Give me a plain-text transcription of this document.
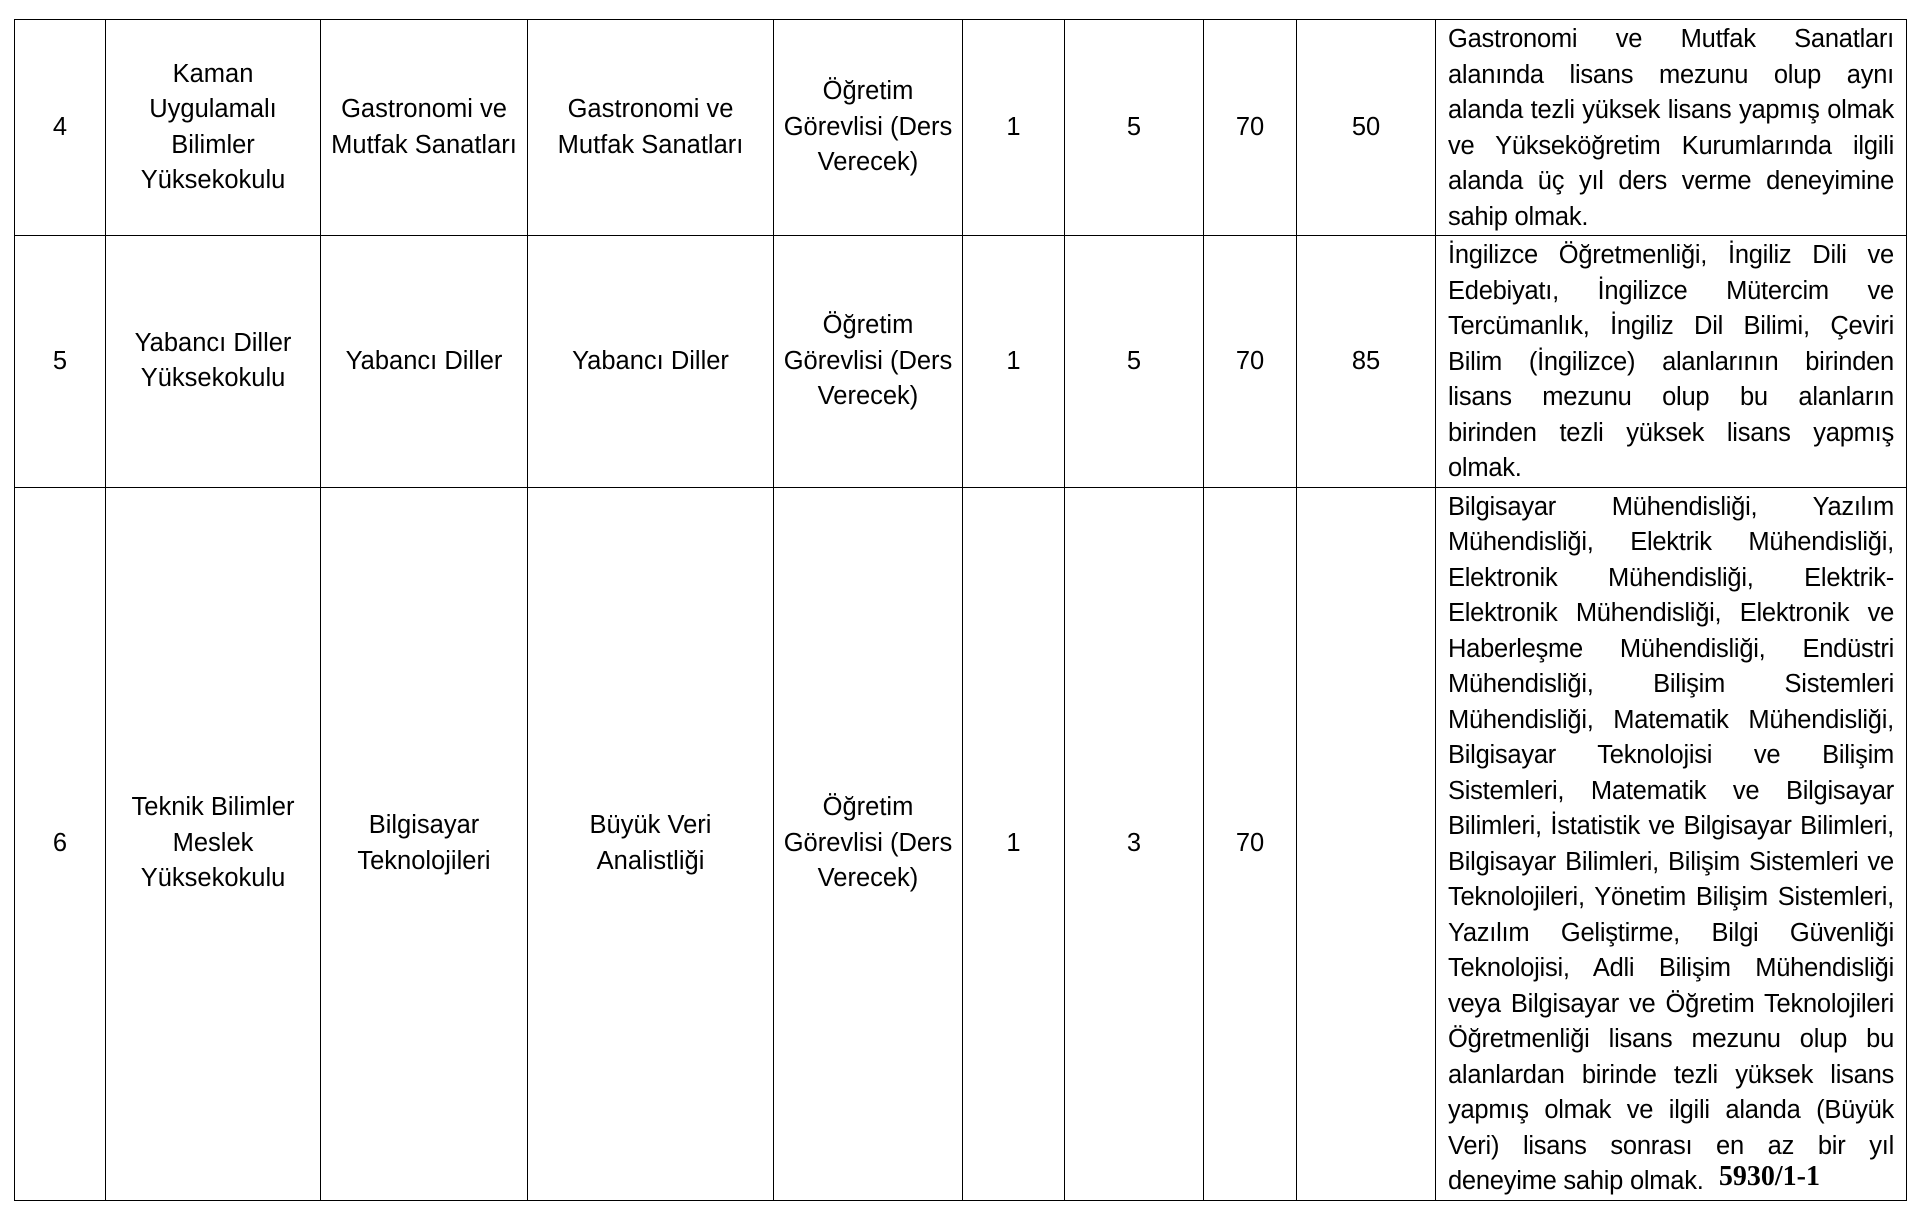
4	Kaman Uygulamalı Bilimler Yüksekokulu	Gastronomi ve Mutfak Sanatları	Gastronomi ve Mutfak Sanatları	Öğretim Görevlisi (Ders Verecek)	1	5	70	50	Gastronomi ve Mutfak Sanatları alanında lisans mezunu olup aynı alanda tezli yüksek lisans yapmış olmak ve Yükseköğretim Kurumlarında ilgili alanda üç yıl ders verme deneyimine sahip olmak.
5	Yabancı Diller Yüksekokulu	Yabancı Diller	Yabancı Diller	Öğretim Görevlisi (Ders Verecek)	1	5	70	85	İngilizce Öğretmenliği, İngiliz Dili ve Edebiyatı, İngilizce Mütercim ve Tercümanlık, İngiliz Dil Bilimi, Çeviri Bilim (İngilizce) alanlarının birinden lisans mezunu olup bu alanların birinden tezli yüksek lisans yapmış olmak.
6	Teknik Bilimler Meslek Yüksekokulu	Bilgisayar Teknolojileri	Büyük Veri Analistliği	Öğretim Görevlisi (Ders Verecek)	1	3	70		Bilgisayar Mühendisliği, Yazılım Mühendisliği, Elektrik Mühendisliği, Elektronik Mühendisliği, Elektrik-Elektronik Mühendisliği, Elektronik ve Haberleşme Mühendisliği, Endüstri Mühendisliği, Bilişim Sistemleri Mühendisliği, Matematik Mühendisliği, Bilgisayar Teknolojisi ve Bilişim Sistemleri, Matematik ve Bilgisayar Bilimleri, İstatistik ve Bilgisayar Bilimleri, Bilgisayar Bilimleri, Bilişim Sistemleri ve Teknolojileri, Yönetim Bilişim Sistemleri, Yazılım Geliştirme, Bilgi Güvenliği Teknolojisi, Adli Bilişim Mühendisliği veya Bilgisayar ve Öğretim Teknolojileri Öğretmenliği lisans mezunu olup bu alanlardan birinde tezli yüksek lisans yapmış olmak ve ilgili alanda (Büyük Veri) lisans sonrası en az bir yıl deneyime sahip olmak. 5930/1-1
